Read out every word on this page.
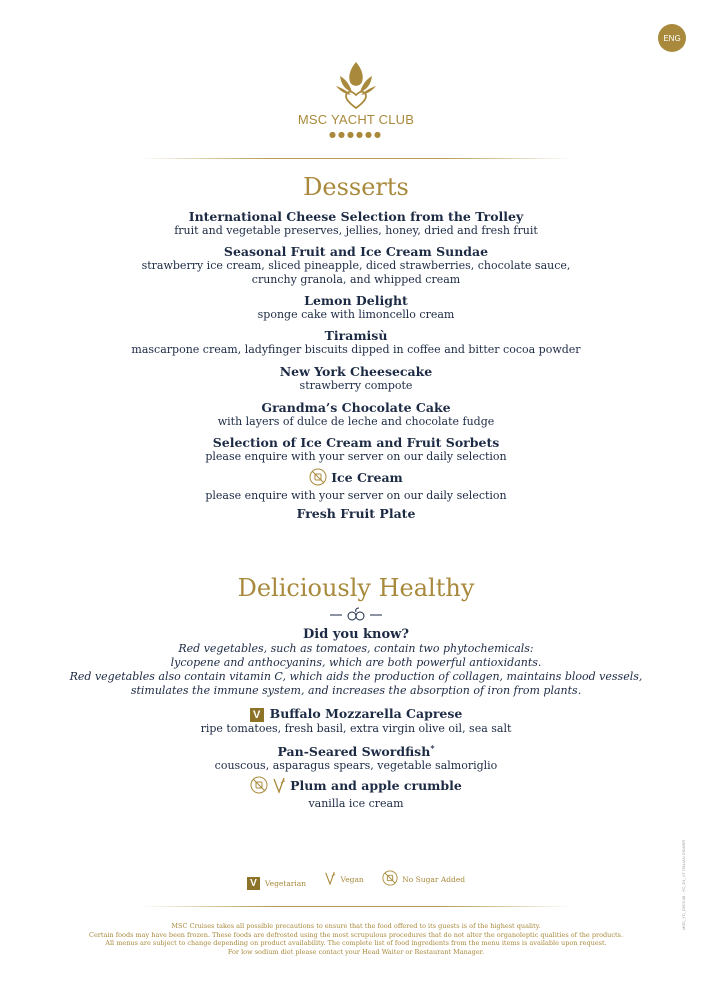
ENG
MSC YACHT CLUB
●●●●●●
Desserts
International Cheese Selection from the Trolley
fruit and vegetable preserves, jellies, honey, dried and fresh fruit
Seasonal Fruit and Ice Cream Sundae
strawberry ice cream, sliced pineapple, diced strawberries, chocolate sauce,
crunchy granola, and whipped cream
Lemon Delight
sponge cake with limoncello cream
Tiramisù
mascarpone cream, ladyfinger biscuits dipped in coffee and bitter cocoa powder
New York Cheesecake
strawberry compote
Grandma’s Chocolate Cake
with layers of dulce de leche and chocolate fudge
Selection of Ice Cream and Fruit Sorbets
please enquire with your server on our daily selection
Ice Cream
please enquire with your server on our daily selection
Fresh Fruit Plate
Deliciously Healthy
Did you know?
Red vegetables, such as tomatoes, contain two phytochemicals:
lycopene and anthocyanins, which are both powerful antioxidants.
Red vegetables also contain vitamin C, which aids the production of collagen, maintains blood vessels,
stimulates the immune system, and increases the absorption of iron from plants.
V Buffalo Mozzarella Caprese
ripe tomatoes, fresh basil, extra virgin olive oil, sea salt
Pan-Seared Swordfish*
couscous, asparagus spears, vegetable salmoriglio
Plum and apple crumble
vanilla ice cream
V	Vegetarian
	Vegan
	No Sugar Added
MSC Cruises takes all possible precautions to ensure that the food offered to its guests is of the highest quality.
Certain foods may have been frozen. These foods are defrosted using the most scrupulous procedures that do not alter the organoleptic qualities of the products.
All menus are subject to change depending on product availability. The complete list of food ingredients from the menu items is available upon request.
For low sodium diet please contact your Head Waiter or Restaurant Manager.
MSC_YC_D6CC48 - YC_D1_V7 ITALIAN DINNER
